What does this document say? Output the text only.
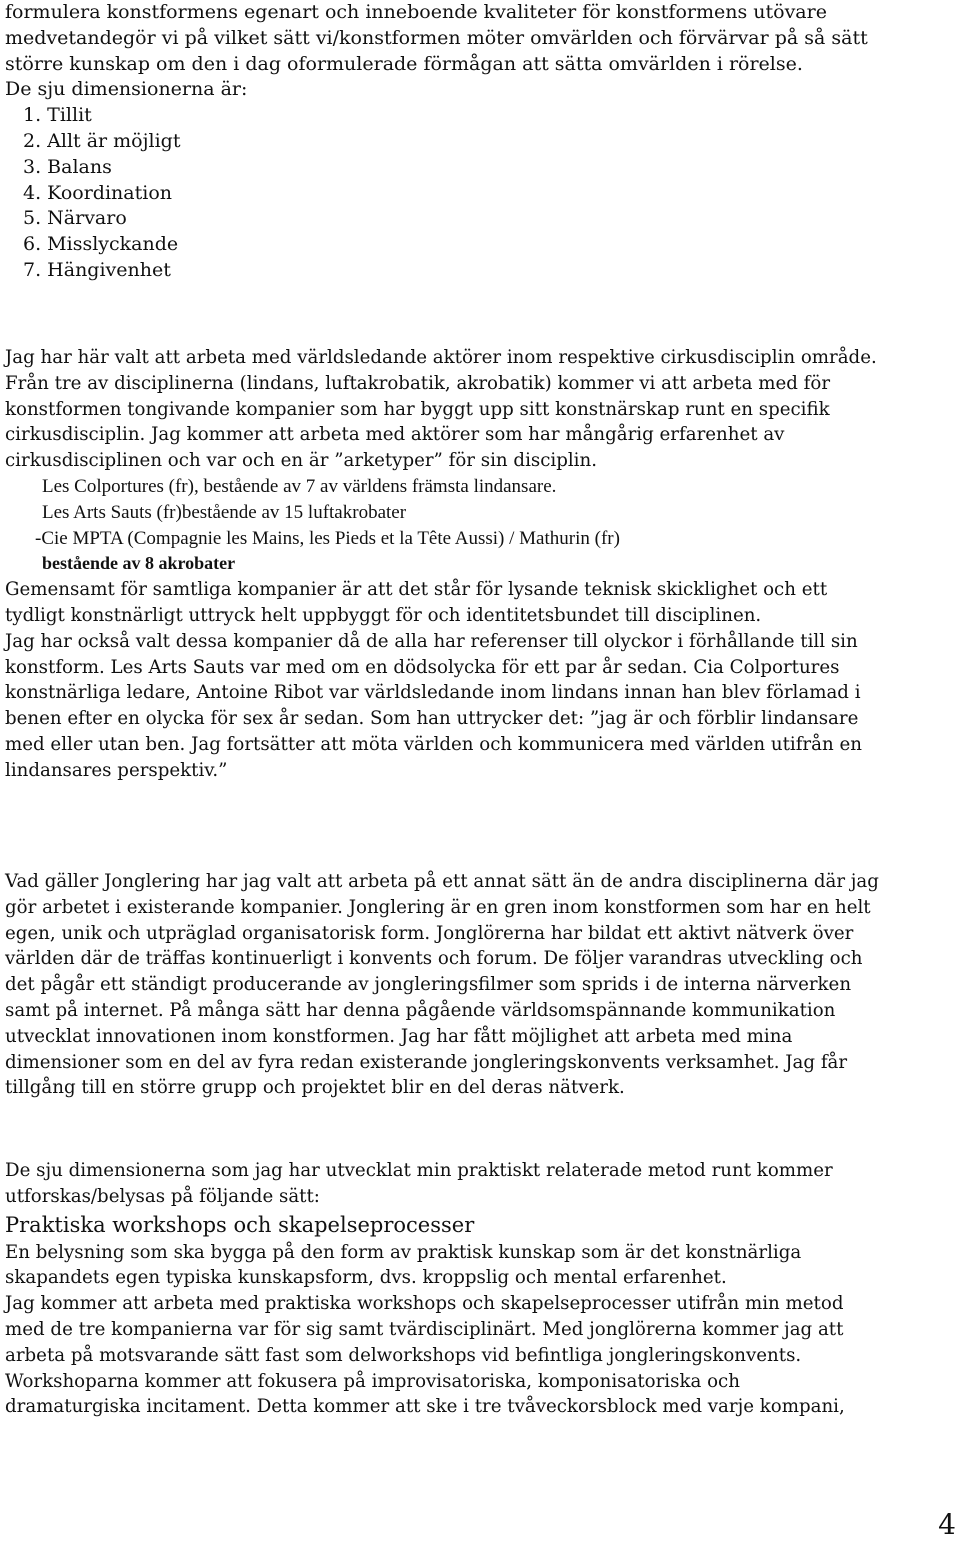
formulera konstformens egenart och inneboende kvaliteter för konstformens utövare

medvetandegör vi på vilket sätt vi/konstformen möter omvärlden och förvärvar på så sätt

större kunskap om den i dag oformulerade förmågan att sätta omvärlden i rörelse.

De sju dimensionerna är:

1. Tillit
2. Allt är möjligt
3. Balans
4. Koordination
5. Närvaro
6. Misslyckande
7. Hängivenhet

Jag har här valt att arbeta med världsledande aktörer inom respektive cirkusdisciplin område.

Från tre av disciplinerna (lindans, luftakrobatik, akrobatik) kommer vi att arbeta med för

konstformen tongivande kompanier som har byggt upp sitt konstnärskap runt en specifik

cirkusdisciplin. Jag kommer att arbeta med aktörer som har mångårig erfarenhet av

cirkusdisciplinen och var och en är ”arketyper” för sin disciplin.

Les Colportures (fr), bestående av 7 av världens främsta lindansare.

Les Arts Sauts (fr)bestående av 15 luftakrobater

-Cie MPTA (Compagnie les Mains, les Pieds et la Tête Aussi) / Mathurin (fr)

bestående av 8 akrobater

Gemensamt för samtliga kompanier är att det står för lysande teknisk skicklighet och ett

tydligt konstnärligt uttryck helt uppbyggt för och identitetsbundet till disciplinen.

Jag har också valt dessa kompanier då de alla har referenser till olyckor i förhållande till sin

konstform. Les Arts Sauts var med om en dödsolycka för ett par år sedan. Cia Colportures

konstnärliga ledare, Antoine Ribot var världsledande inom lindans innan han blev förlamad i

benen efter en olycka för sex år sedan. Som han uttrycker det: ”jag är och förblir lindansare

med eller utan ben. Jag fortsätter att möta världen och kommunicera med världen utifrån en

lindansares perspektiv.”

Vad gäller Jonglering har jag valt att arbeta på ett annat sätt än de andra disciplinerna där jag

gör arbetet i existerande kompanier. Jonglering är en gren inom konstformen som har en helt

egen, unik och utpräglad organisatorisk form. Jonglörerna har bildat ett aktivt nätverk över

världen där de träffas kontinuerligt i konvents och forum. De följer varandras utveckling och

det pågår ett ständigt producerande av jongleringsfilmer som sprids i de interna närverken

samt på internet. På många sätt har denna pågående världsomspännande kommunikation

utvecklat innovationen inom konstformen. Jag har fått möjlighet att arbeta med mina

dimensioner som en del av fyra redan existerande jongleringskonvents verksamhet. Jag får

tillgång till en större grupp och projektet blir en del deras nätverk.

De sju dimensionerna som jag har utvecklat min praktiskt relaterade metod runt kommer

utforskas/belysas på följande sätt:

Praktiska workshops och skapelseprocesser

En belysning som ska bygga på den form av praktisk kunskap som är det konstnärliga

skapandets egen typiska kunskapsform, dvs. kroppslig och mental erfarenhet.

Jag kommer att arbeta med praktiska workshops och skapelseprocesser utifrån min metod

med de tre kompanierna var för sig samt tvärdisciplinärt. Med jonglörerna kommer jag att

arbeta på motsvarande sätt fast som delworkshops vid befintliga jongleringskonvents.

Workshoparna kommer att fokusera på improvisatoriska, komponisatoriska och

dramaturgiska incitament. Detta kommer att ske i tre tvåveckorsblock med varje kompani,

4
